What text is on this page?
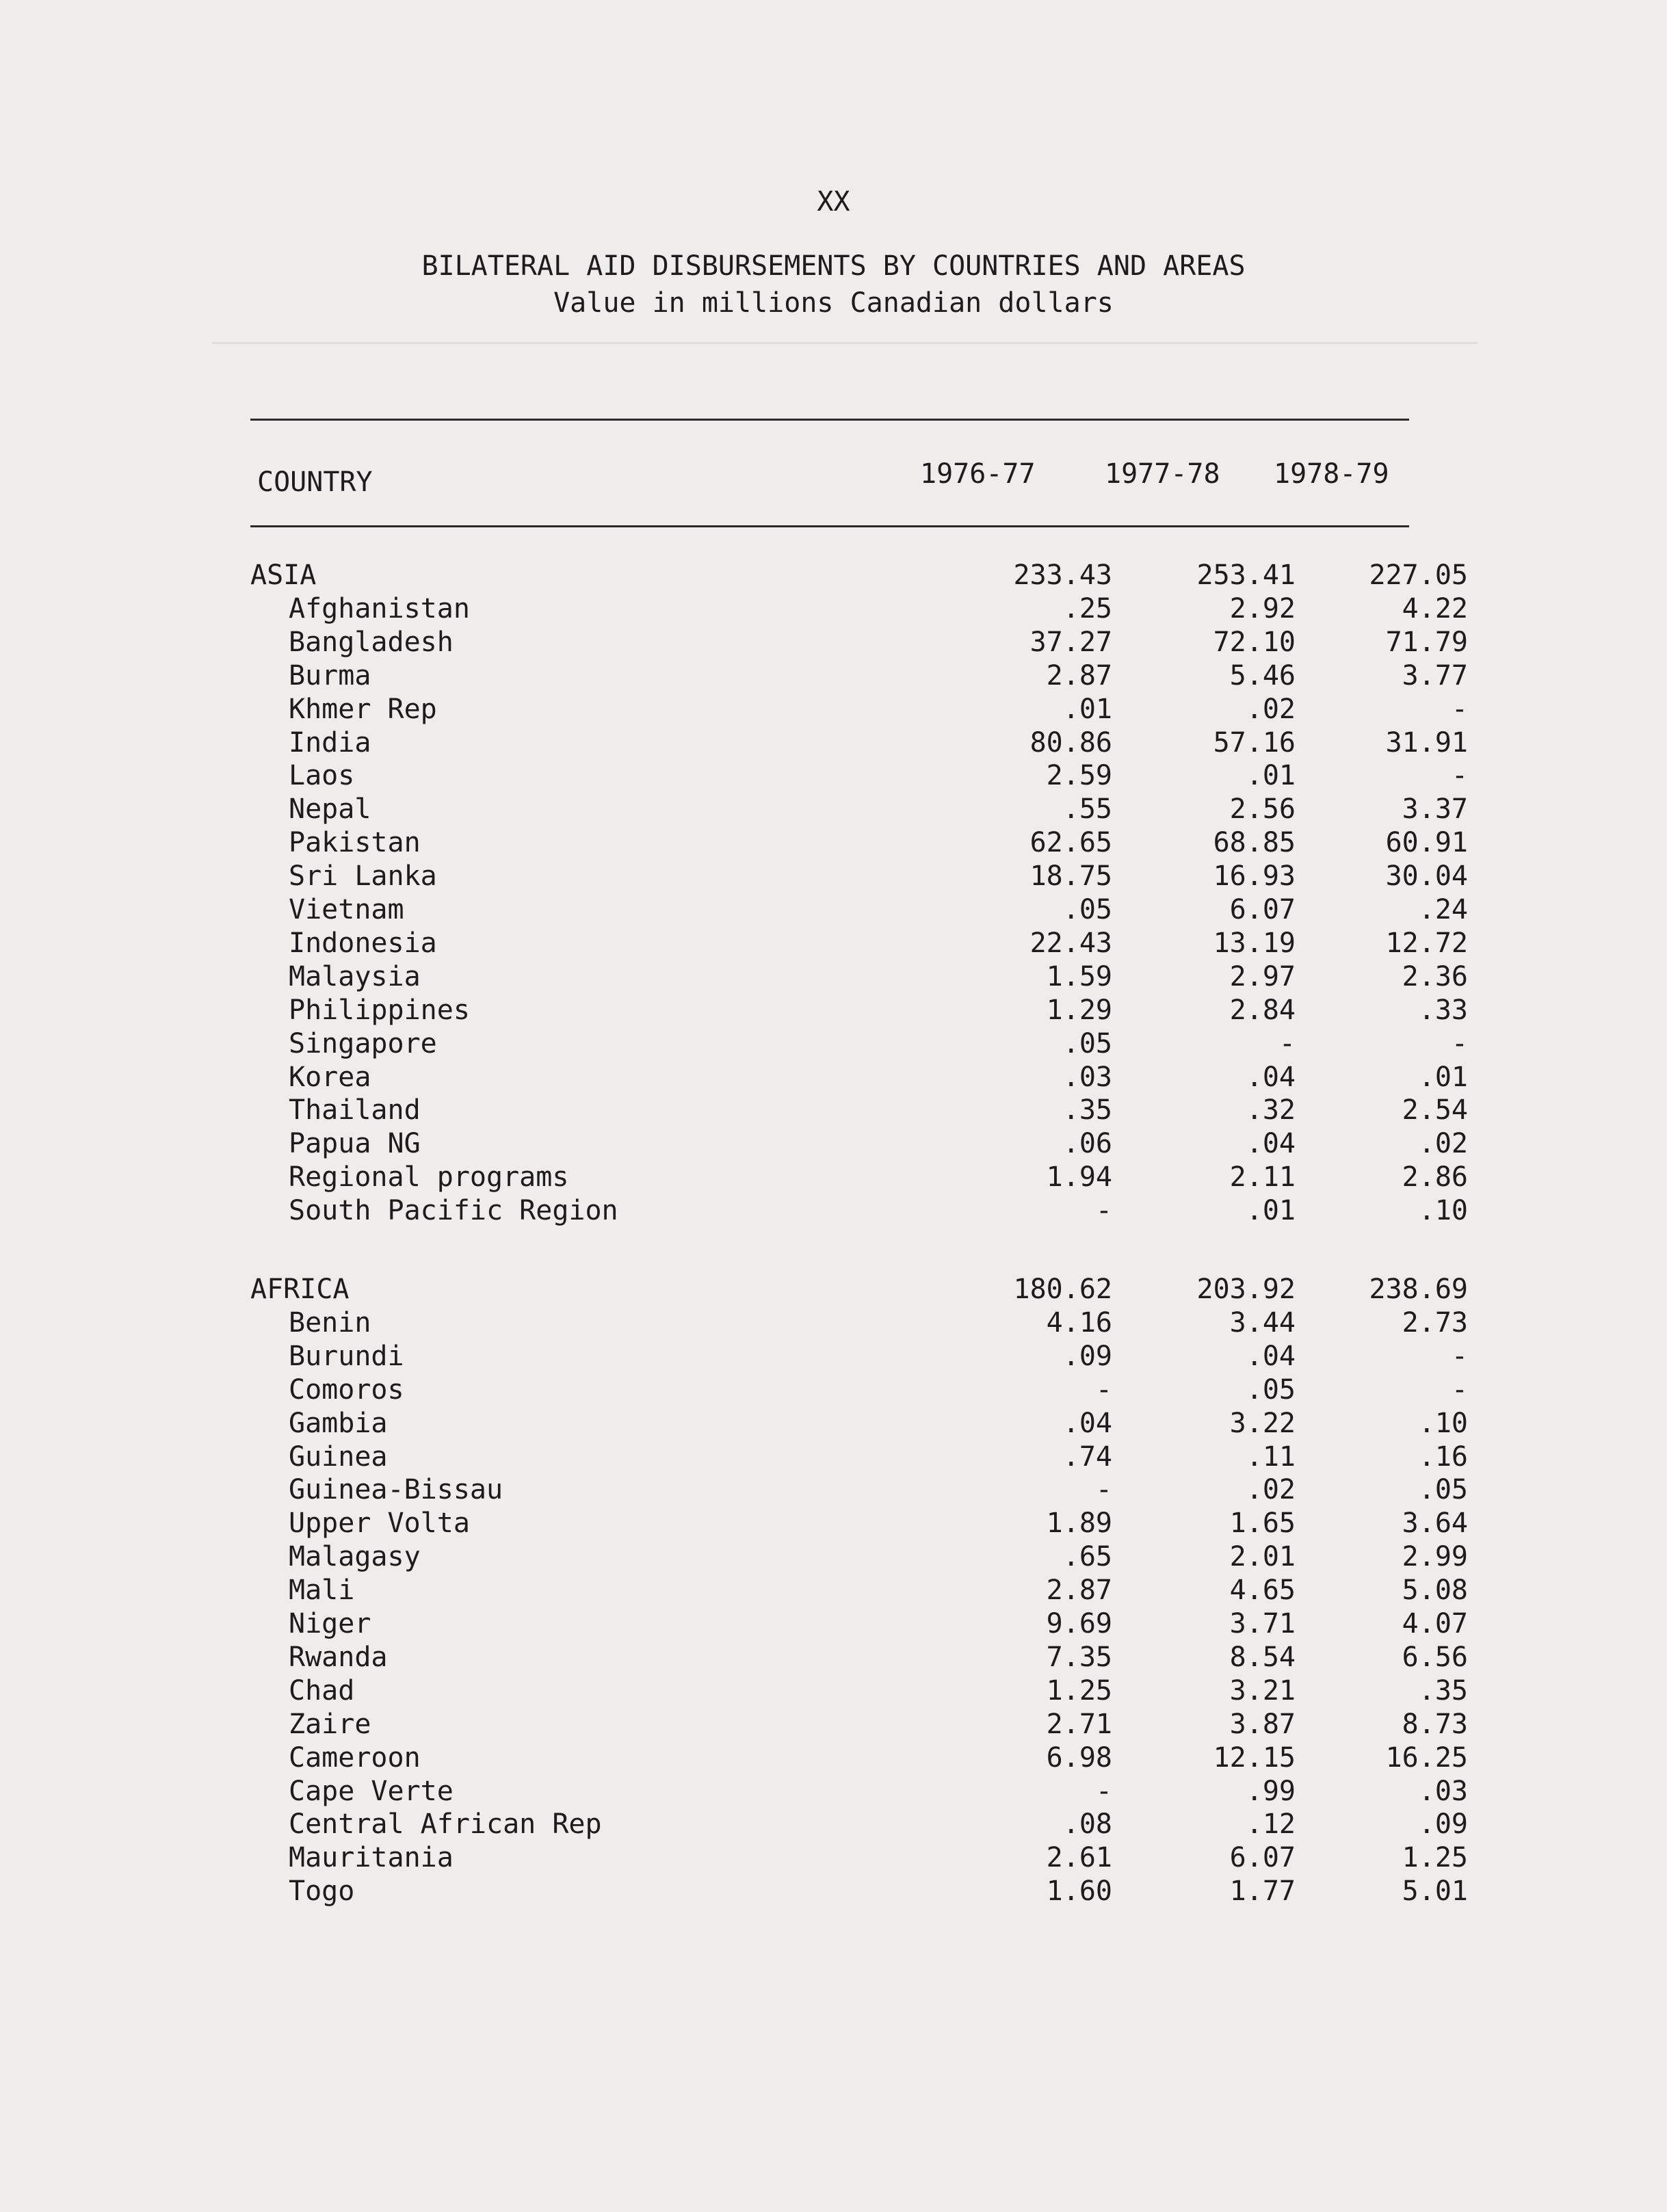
XX
BILATERAL AID DISBURSEMENTS BY COUNTRIES AND AREAS
Value in millions Canadian dollars
COUNTRY	1976-77	1977-78 1978-79
ASIA	233.43	253.41	227.05
Afghanistan	.25	2.92	4.22
Bangladesh	37.27	72.10	71.79
Burma	2.87	5.46	3.77
Khmer Rep	.01	.02	-
India	80.86	57.16	31.91
Laos	2.59	.01	-
Nepal	.55	2.56	3.37
Pakistan	62.65	68.85	60.91
Sri Lanka	18.75	16.93	30.04
Vietnam	.05	6.07	.24
Indonesia	22.43	13.19	12.72
Malaysia	1.59	2.97	2.36
Philippines	1.29	2.84	.33
Singapore	.05	-	-
Korea	.03	.04	.01
Thailand	.35	.32	2.54
Papua NG	.06	.04	.02
Regional programs	1.94	2.11	2.86
South Pacific Region	-	.01	.10
AFRICA	180.62	203.92	238.69
Benin	4.16	3.44	2.73
Burundi	.09	.04	-
Comoros	-	.05	-
Gambia	.04	3.22	.10
Guinea	.74	.11	.16
Guinea-Bissau	-	.02	.05
Upper Volta	1.89	1.65	3.64
Malagasy	.65	2.01	2.99
Mali	2.87	4.65	5.08
Niger	9.69	3.71	4.07
Rwanda	7.35	8.54	6.56
Chad	1.25	3.21	.35
Zaire	2.71	3.87	8.73
Cameroon	6.98	12.15	16.25
Cape Verte	-	.99	.03
Central African Rep	.08	.12	.09
Mauritania	2.61	6.07	1.25
Togo	1.60	1.77	5.01
